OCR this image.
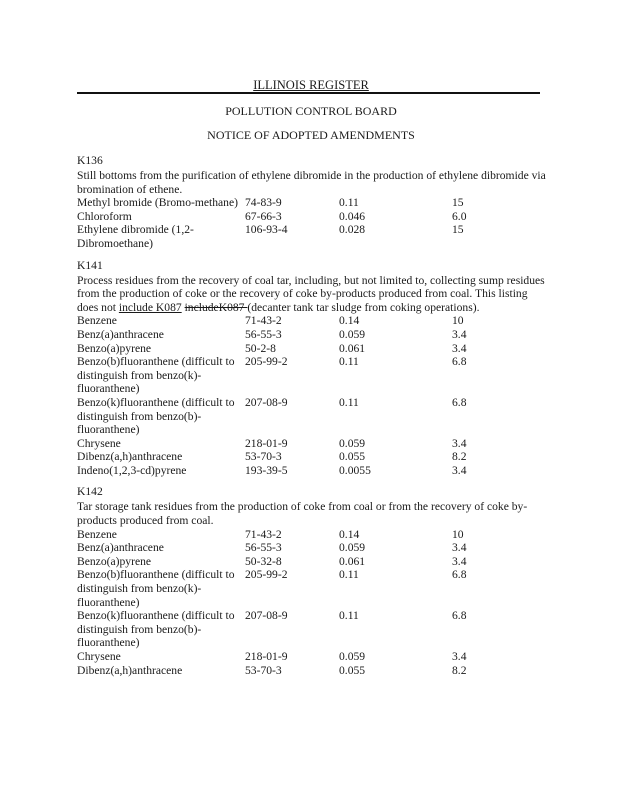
ILLINOIS REGISTER
POLLUTION CONTROL BOARD
NOTICE OF ADOPTED AMENDMENTS
K136
Still bottoms from the purification of ethylene dibromide in the production of ethylene dibromide via bromination of ethene.
Methyl bromide (Bromo-methane)	74-83-9	0.11	15
Chloroform	67-66-3	0.046	6.0
Ethylene dibromide (1,2-Dibromoethane)	106-93-4	0.028	15
K141
Process residues from the recovery of coal tar, including, but not limited to, collecting sump residues from the production of coke or the recovery of coke by-products produced from coal. This listing does not include K087 includeK087 (decanter tank tar sludge from coking operations).
Benzene	71-43-2	0.14	10
Benz(a)anthracene	56-55-3	0.059	3.4
Benzo(a)pyrene	50-2-8	0.061	3.4
Benzo(b)fluoranthene (difficult to distinguish from benzo(k)-fluoranthene)	205-99-2	0.11	6.8
Benzo(k)fluoranthene (difficult to distinguish from benzo(b)-fluoranthene)	207-08-9	0.11	6.8
Chrysene	218-01-9	0.059	3.4
Dibenz(a,h)anthracene	53-70-3	0.055	8.2
Indeno(1,2,3-cd)pyrene	193-39-5	0.0055	3.4
K142
Tar storage tank residues from the production of coke from coal or from the recovery of coke by-products produced from coal.
Benzene	71-43-2	0.14	10
Benz(a)anthracene	56-55-3	0.059	3.4
Benzo(a)pyrene	50-32-8	0.061	3.4
Benzo(b)fluoranthene (difficult to distinguish from benzo(k)-fluoranthene)	205-99-2	0.11	6.8
Benzo(k)fluoranthene (difficult to distinguish from benzo(b)-fluoranthene)	207-08-9	0.11	6.8
Chrysene	218-01-9	0.059	3.4
Dibenz(a,h)anthracene	53-70-3	0.055	8.2
